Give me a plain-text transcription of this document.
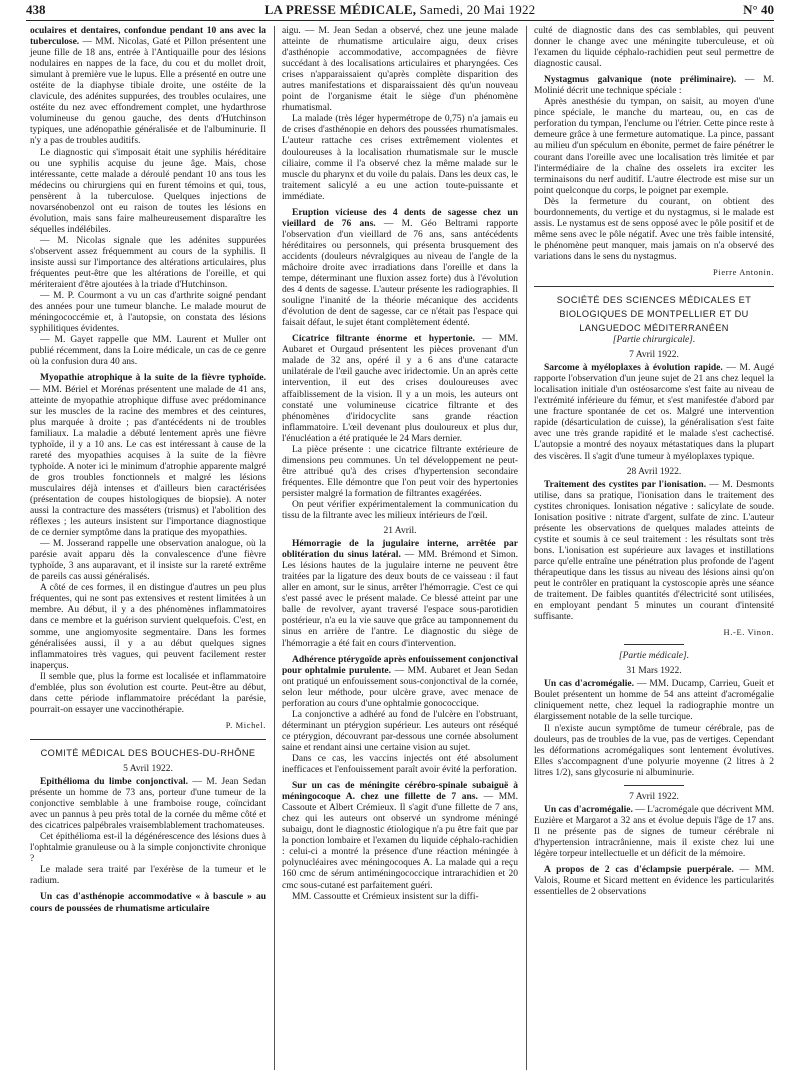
438	LA PRESSE MÉDICALE, Samedi, 20 Mai 1922	N° 40

oculaires et dentaires, confondue pendant 10 ans avec la tuberculose. — MM. Nicolas, Gaté et Pillon présentent une jeune fille de 18 ans, entrée à l'Antiquaille pour des lésions nodulaires en nappes de la face, du cou et du mollet droit, simulant à première vue le lupus. Elle a présenté en outre une ostéite de la diaphyse tibiale droite, une ostéite de la clavicule, des adénites suppurées, des troubles oculaires, une ostéite du nez avec effondrement complet, une hydarthrose volumineuse du genou gauche, des dents d'Hutchinson typiques, une adénopathie généralisée et de l'albuminurie. Il n'y a pas de troubles auditifs.

Le diagnostic qui s'imposait était une syphilis héréditaire ou une syphilis acquise du jeune âge. Mais, chose intéressante, cette malade a déroulé pendant 10 ans tous les médecins ou chirurgiens qui en furent témoins et qui, tous, pensèrent à la tuberculose. Quelques injections de novarsénobenzol ont eu raison de toutes les lésions en évolution, mais sans faire malheureusement disparaître les séquelles indélébiles.

— M. Nicolas signale que les adénites suppurées s'observent assez fréquemment au cours de la syphilis. Il insiste aussi sur l'importance des altérations articulaires, plus fréquentes peut-être que les altérations de l'oreille, et qui mériteraient d'être ajoutées à la triade d'Hutchinson.

— M. P. Courmont a vu un cas d'arthrite soigné pendant des années pour une tumeur blanche. Le malade mourut de méningococcémie et, à l'autopsie, on constata des lésions syphilitiques évidentes.

— M. Gayet rappelle que MM. Laurent et Muller ont publié récemment, dans la Loire médicale, un cas de ce genre où la confusion dura 40 ans.

Myopathie atrophique à la suite de la fièvre typhoïde. — MM. Bériel et Morénas présentent une malade de 41 ans, atteinte de myopathie atrophique diffuse avec prédominance sur les muscles de la racine des membres et des ceintures, plus marquée à droite ; pas d'antécédents ni de troubles familiaux. La maladie a débuté lentement après une fièvre typhoïde, il y a 10 ans. Le cas est intéressant à cause de la rareté des myopathies acquises à la suite de la fièvre typhoïde. A noter ici le minimum d'atrophie apparente malgré de gros troubles fonctionnels et malgré les lésions musculaires déjà intenses et d'ailleurs bien caractérisées (présentation de coupes histologiques de biopsie). A noter aussi la contracture des masséters (trismus) et l'abolition des réflexes ; les auteurs insistent sur l'importance diagnostique de ce dernier symptôme dans la pratique des myopathies.

— M. Josserand rappelle une observation analogue, où la parésie avait apparu dès la convalescence d'une fièvre typhoïde, 3 ans auparavant, et il insiste sur la rareté extrême de pareils cas aussi généralisés.

A côté de ces formes, il en distingue d'autres un peu plus fréquentes, qui ne sont pas extensives et restent limitées à un membre. Au début, il y a des phénomènes inflammatoires dans ce membre et la guérison survient quelquefois. C'est, en somme, une angiomyosite segmentaire. Dans les formes généralisées aussi, il y a au début quelques signes inflammatoires très vagues, qui peuvent facilement rester inaperçus.

Il semble que, plus la forme est localisée et inflammatoire d'emblée, plus son évolution est courte. Peut-être au début, dans cette période inflammatoire précédant la parésie, pourrait-on essayer une vaccinothérapie.

P. Michel.

COMITÉ MÉDICAL DES BOUCHES-DU-RHÔNE

5 Avril 1922.

Epithélioma du limbe conjonctival. — M. Jean Sedan présente un homme de 73 ans, porteur d'une tumeur de la conjonctive semblable à une framboise rouge, coïncidant avec un pannus à peu près total de la cornée du même côté et des cicatrices palpébrales vraisemblablement trachomateuses.

Cet épithélioma est-il la dégénérescence des lésions dues à l'ophtalmie granuleuse ou à la simple conjonctivite chronique ?

Le malade sera traité par l'exérèse de la tumeur et le radium.

Un cas d'asthénopie accommodative « à bascule » au cours de poussées de rhumatisme articulaire

aigu. — M. Jean Sedan a observé, chez une jeune malade atteinte de rhumatisme articulaire aigu, deux crises d'asthénopie accommodative, accompagnées de fièvre succédant à des localisations articulaires et pharyngées. Ces crises n'apparaissaient qu'après complète disparition des autres manifestations et disparaissaient dès qu'un nouveau point de l'organisme était le siège d'un phénomène rhumatismal.

La malade (très léger hypermétrope de 0,75) n'a jamais eu de crises d'asthénopie en dehors des poussées rhumatismales. L'auteur rattache ces crises extrêmement violentes et douloureuses à la localisation rhumatismale sur le muscle ciliaire, comme il l'a observé chez la même malade sur le muscle du pharynx et du voile du palais. Dans les deux cas, le traitement salicylé a eu une action toute-puissante et immédiate.

Eruption vicieuse des 4 dents de sagesse chez un vieillard de 76 ans. — M. Géo Beltrami rapporte l'observation d'un vieillard de 76 ans, sans antécédents héréditaires ou personnels, qui présenta brusquement des accidents (douleurs névralgiques au niveau de l'angle de la mâchoire droite avec irradiations dans l'oreille et dans la tempe, déterminant une fluxion assez forte) dus à l'évolution des 4 dents de sagesse. L'auteur présente les radiographies. Il souligne l'inanité de la théorie mécanique des accidents d'évolution de dent de sagesse, car ce n'était pas l'espace qui faisait défaut, le sujet étant complètement édenté.

Cicatrice filtrante énorme et hypertonie. — MM. Aubaret et Ourgaud présentent les pièces provenant d'un malade de 32 ans, opéré il y a 6 ans d'une cataracte unilatérale de l'œil gauche avec iridectomie. Un an après cette intervention, il eut des crises douloureuses avec affaiblissement de la vision. Il y a un mois, les auteurs ont constaté une volumineuse cicatrice filtrante et des phénomènes d'iridocyclite sans grande réaction inflammatoire. L'œil devenant plus douloureux et plus dur, l'énucléation a été pratiquée le 24 Mars dernier.

La pièce présente : une cicatrice filtrante extérieure de dimensions peu communes. Un tel développement ne peut-être attribué qu'à des crises d'hypertension secondaire fréquentes. Elle démontre que l'on peut voir des hypertonies persister malgré la formation de filtrantes exagérées.

On peut vérifier expérimentalement la communication du tissu de la filtrante avec les milieux intérieurs de l'œil.

21 Avril.

Hémorragie de la jugulaire interne, arrêtée par oblitération du sinus latéral. — MM. Brémond et Simon. Les lésions hautes de la jugulaire interne ne peuvent être traitées par la ligature des deux bouts de ce vaisseau : il faut aller en amont, sur le sinus, arrêter l'hémorragie. C'est ce qui s'est passé avec le présent malade. Ce blessé atteint par une balle de revolver, ayant traversé l'espace sous-parotidien postérieur, n'a eu la vie sauve que grâce au tamponnement du sinus en arrière de l'antre. Le diagnostic du siège de l'hémorragie a été fait en cours d'intervention.

Adhérence ptérygoïde après enfouissement conjonctival pour ophtalmie purulente. — MM. Aubaret et Jean Sedan ont pratiqué un enfouissement sous-conjonctival de la cornée, selon leur méthode, pour ulcère grave, avec menace de perforation au cours d'une ophtalmie gonococcique.

La conjonctive a adhéré au fond de l'ulcère en l'obstruant, déterminant un ptérygion supérieur. Les auteurs ont réséqué ce ptérygion, découvrant par-dessous une cornée absolument saine et rendant ainsi une certaine vision au sujet.

Dans ce cas, les vaccins injectés ont été absolument inefficaces et l'enfouissement paraît avoir évité la perforation.

Sur un cas de méningite cérébro-spinale subaiguë à méningocoque A. chez une fillette de 7 ans. — MM. Cassoute et Albert Crémieux. Il s'agit d'une fillette de 7 ans, chez qui les auteurs ont observé un syndrome méningé subaigu, dont le diagnostic étiologique n'a pu être fait que par la ponction lombaire et l'examen du liquide céphalo-rachidien : celui-ci a montré la présence d'une réaction méningée à polynucléaires avec méningocoques A. La malade qui a reçu 160 cmc de sérum antiméningococcique intrarachidien et 20 cmc sous-cutané est parfaitement guéri.

MM. Cassoutte et Crémieux insistent sur la diffi-

culté de diagnostic dans des cas semblables, qui peuvent donner le change avec une méningite tuberculeuse, et où l'examen du liquide céphalo-rachidien peut seul permettre de diagnostic causal.

Nystagmus galvanique (note préliminaire). — M. Molinié décrit une technique spéciale :

Après anesthésie du tympan, on saisit, au moyen d'une pince spéciale, le manche du marteau, ou, en cas de perforation du tympan, l'enclume ou l'étrier. Cette pince reste à demeure grâce à une fermeture automatique. La pince, passant au milieu d'un spéculum en ébonite, permet de faire pénétrer le courant dans l'oreille avec une localisation très limitée et par l'intermédiaire de la chaîne des osselets ira exciter les terminaisons du nerf auditif. L'autre électrode est mise sur un point quelconque du corps, le poignet par exemple.

Dès la fermeture du courant, on obtient des bourdonnements, du vertige et du nystagmus, si le malade est assis. Le nystamus est de sens opposé avec le pôle positif et de même sens avec le pôle négatif. Avec une très faible intensité, le phénomène peut manquer, mais jamais on n'a observé des variations dans le sens du nystagmus.

Pierre Antonin.

SOCIÉTÉ DES SCIENCES MÉDICALES ET BIOLOGIQUES DE MONTPELLIER ET DU LANGUEDOC MÉDITERRANÉEN

[Partie chirurgicale].

7 Avril 1922.

Sarcome à myéloplaxes à évolution rapide. — M. Augé rapporte l'observation d'un jeune sujet de 21 ans chez lequel la localisation initiale d'un ostéosarcome s'est faite au niveau de l'extrémité inférieure du fémur, et s'est manifestée d'abord par une fracture spontanée de cet os. Malgré une intervention rapide (désarticulation de cuisse), la généralisation s'est faite avec une très grande rapidité et le malade s'est cachectisé. L'autopsie a montré des noyaux métastatiques dans la plupart des viscères. Il s'agit d'une tumeur à myéloplaxes typique.

28 Avril 1922.

Traitement des cystites par l'ionisation. — M. Desmonts utilise, dans sa pratique, l'ionisation dans le traitement des cystites chroniques. Ionisation négative : salicylate de soude. Ionisation positive : nitrate d'argent, sulfate de zinc. L'auteur présente les observations de quelques malades atteints de cystite et soumis à ce seul traitement : les résultats sont très bons. L'ionisation est supérieure aux lavages et instillations parce qu'elle entraîne une pénétration plus profonde de l'agent thérapeutique dans les tissus au niveau des lésions ainsi qu'on peut le contrôler en pratiquant la cystoscopie après une séance de traitement. De faibles quantités d'électricité sont utilisées, en employant pendant 5 minutes un courant d'intensité suffisante.

H.-E. Vinon.

[Partie médicale].

31 Mars 1922.

Un cas d'acromégalie. — MM. Ducamp, Carrieu, Gueit et Boulet présentent un homme de 54 ans atteint d'acromégalie cliniquement nette, chez lequel la radiographie montre un élargissement notable de la selle turcique.

Il n'existe aucun symptôme de tumeur cérébrale, pas de douleurs, pas de troubles de la vue, pas de vertiges. Cependant les déformations acromégaliques sont lentement évolutives. Elles s'accompagnent d'une polyurie moyenne (2 litres à 2 litres 1/2), sans glycosurie ni albuminurie.

7 Avril 1922.

Un cas d'acromégalie. — L'acromégale que décrivent MM. Euzière et Margarot a 32 ans et évolue depuis l'âge de 17 ans. Il ne présente pas de signes de tumeur cérébrale ni d'hypertension intracrânienne, mais il existe chez lui une légère torpeur intellectuelle et un déficit de la mémoire.

A propos de 2 cas d'éclampsie puerpérale. — MM. Valois, Roume et Sicard mettent en évidence les particularités essentielles de 2 observations
